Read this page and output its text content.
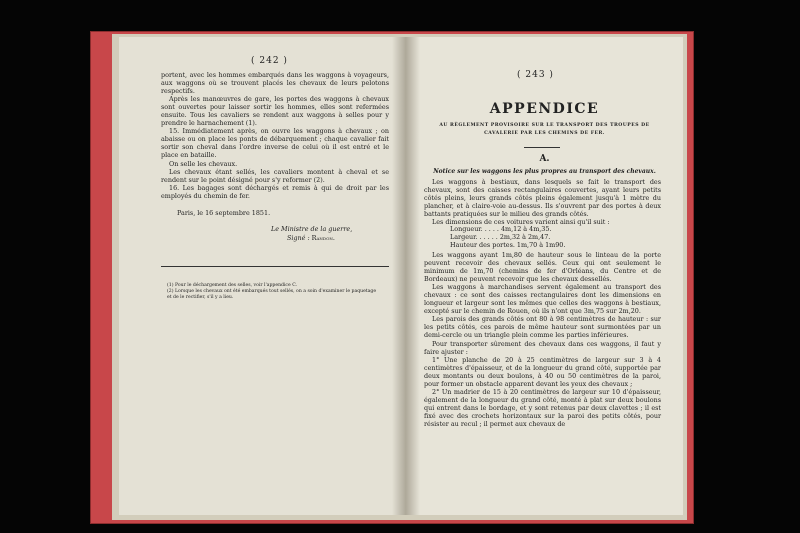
( 242 )

portent, avec les hommes embarqués dans les waggons à voyageurs, aux waggons où se trouvent placés les chevaux de leurs pelotons respectifs.

Après les manœuvres de gare, les portes des waggons à chevaux sont ouvertes pour laisser sortir les hommes, elles sont refermées ensuite. Tous les cavaliers se rendent aux waggons à selles pour y prendre le harnachement (1).

15. Immédiatement après, on ouvre les waggons à chevaux ; on abaisse ou on place les ponts de débarquement ; chaque cavalier fait sortir son cheval dans l'ordre inverse de celui où il est entré et le place en bataille.

On selle les chevaux.

Les chevaux étant sellés, les cavaliers montent à cheval et se rendent sur le point désigné pour s'y reformer (2).

16. Les bagages sont déchargés et remis à qui de droit par les employés du chemin de fer.

Paris, le 16 septembre 1851.

Le Ministre de la guerre,
Signé : Randon.

(1) Pour le déchargement des selles, voir l'appendice C.

(2) Lorsque les chevaux ont été embarqués tout sellés, on a soin d'examiner le paquetage et de le rectifier, s'il y a lieu.

( 243 )
APPENDICE
AU RÈGLEMENT PROVISOIRE SUR LE TRANSPORT DES TROUPES DE
CAVALERIE PAR LES CHEMINS DE FER.
A.
Notice sur les waggons les plus propres au transport des chevaux.

Les waggons à bestiaux, dans lesquels se fait le transport des chevaux, sont des caisses rectangulaires couvertes, ayant leurs petits côtés pleins, leurs grands côtés pleins également jusqu'à 1 mètre du plancher, et à claire-voie au-dessus. Ils s'ouvrent par des portes à deux battants pratiquées sur le milieu des grands côtés.

Les dimensions de ces voitures varient ainsi qu'il suit :

Longueur. . . . . 4m,12 à 4m,35.
Largeur. . . . . . 2m,32 à 2m,47.
Hauteur des portes. 1m,70 à 1m90.

Les waggons ayant 1m,80 de hauteur sous le linteau de la porte peuvent recevoir des chevaux sellés. Ceux qui ont seulement le minimum de 1m,70 (chemins de fer d'Orléans, du Centre et de Bordeaux) ne peuvent recevoir que les chevaux dessellés.

Les waggons à marchandises servent également au transport des chevaux : ce sont des caisses rectangulaires dont les dimensions en longueur et largeur sont les mêmes que celles des waggons à bestiaux, excepté sur le chemin de Rouen, où ils n'ont que 3m,75 sur 2m,20.

Les parois des grands côtés ont 80 à 98 centimètres de hauteur : sur les petits côtés, ces parois de même hauteur sont surmontées par un demi-cercle ou un triangle plein comme les parties inférieures.

Pour transporter sûrement des chevaux dans ces waggons, il faut y faire ajuster :

1° Une planche de 20 à 25 centimètres de largeur sur 3 à 4 centimètres d'épaisseur, et de la longueur du grand côté, supportée par deux montants ou deux boulons, à 40 ou 50 centimètres de la paroi, pour former un obstacle apparent devant les yeux des chevaux ;

2° Un madrier de 15 à 20 centimètres de largeur sur 10 d'épaisseur, également de la longueur du grand côté, monté à plat sur deux boulons qui entrent dans le bordage, et y sont retenus par deux clavettes ; il est fixé avec des crochets horizontaux sur la paroi des petits côtés, pour résister au recul ; il permet aux chevaux de
